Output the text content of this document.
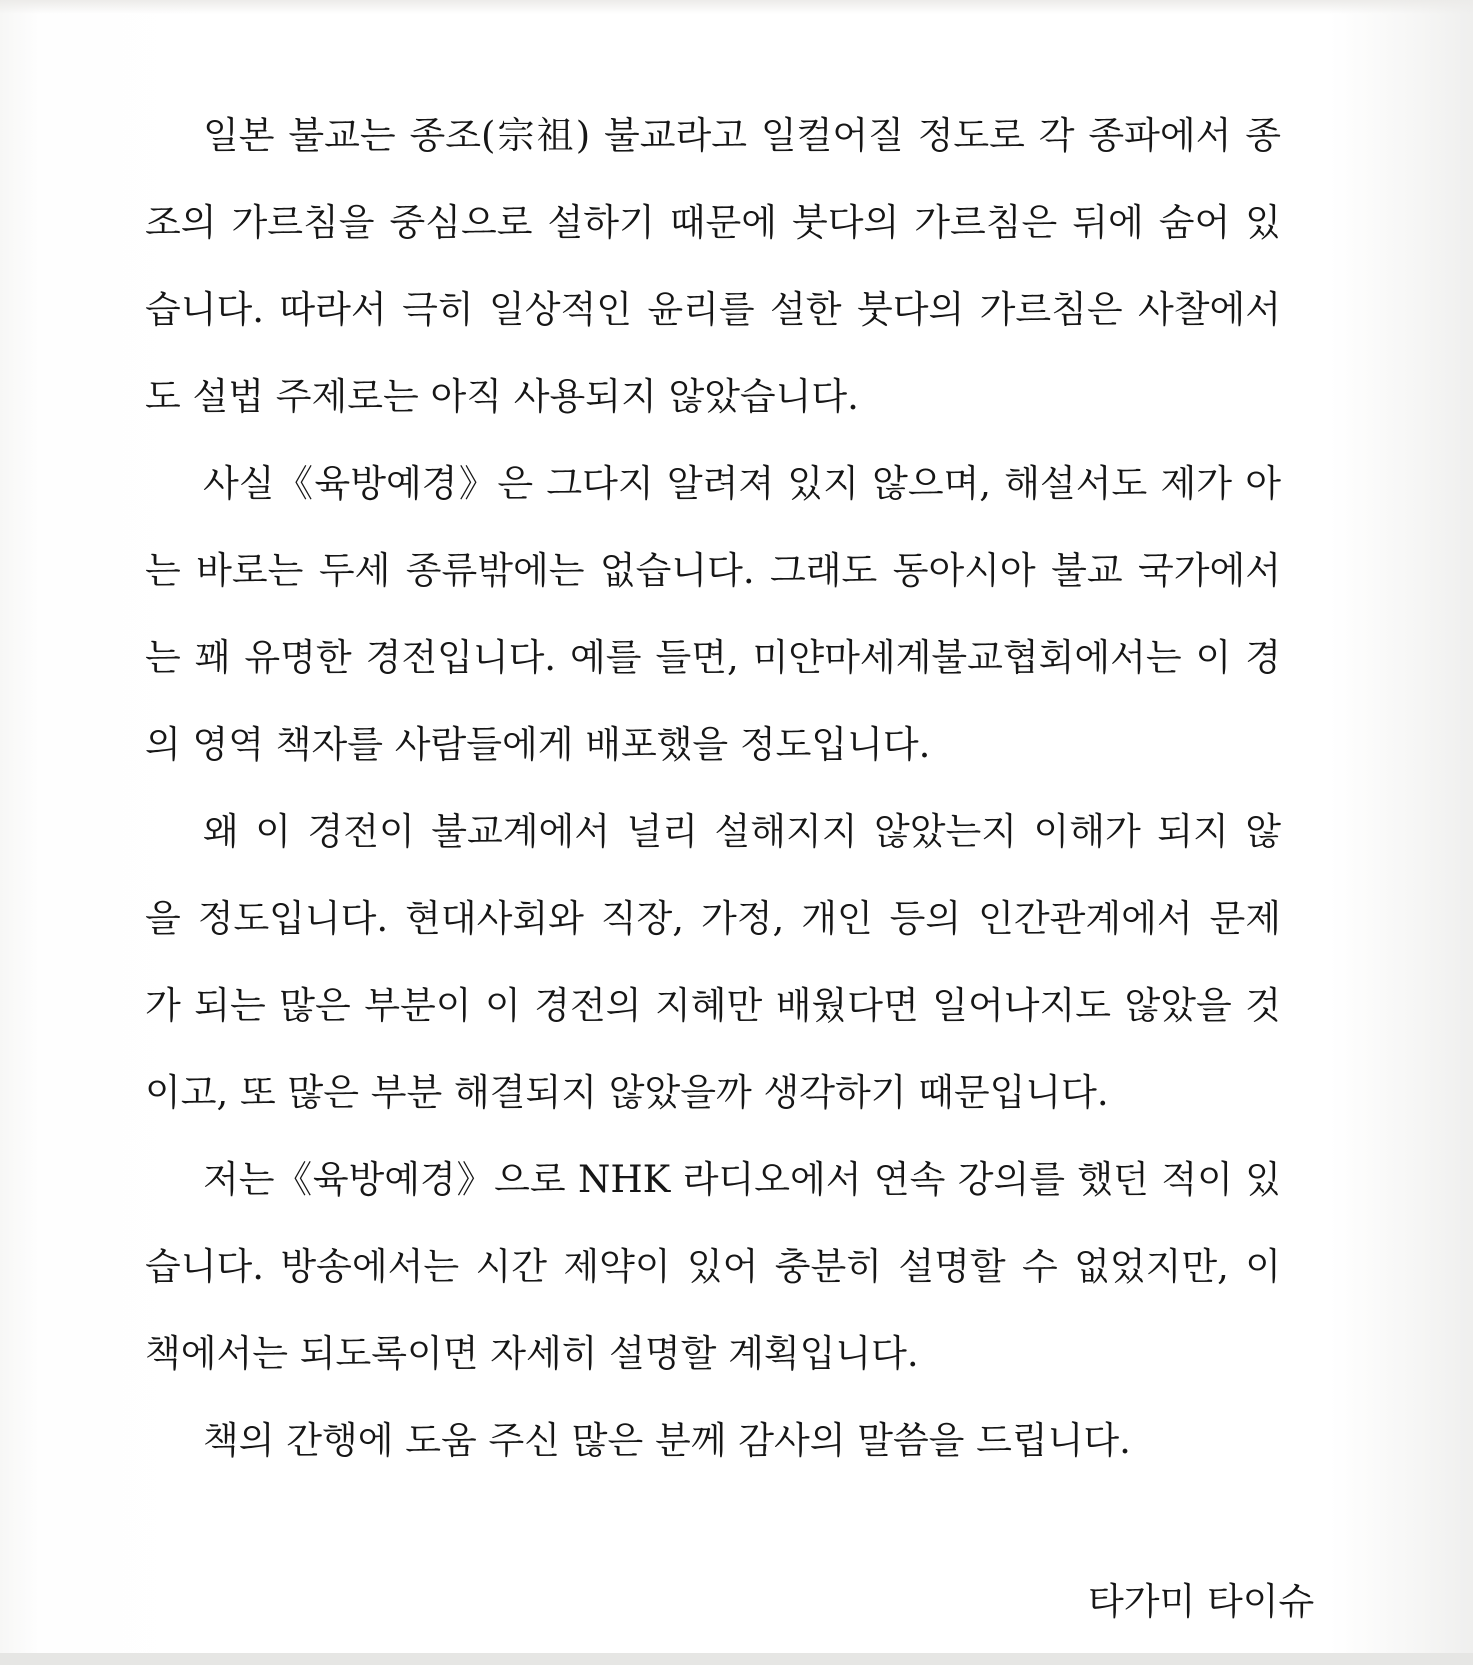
일본 불교는 종조(宗祖) 불교라고 일컬어질 정도로 각 종파에서 종
조의 가르침을 중심으로 설하기 때문에 붓다의 가르침은 뒤에 숨어 있
습니다. 따라서 극히 일상적인 윤리를 설한 붓다의 가르침은 사찰에서
도 설법 주제로는 아직 사용되지 않았습니다.
사실《육방예경》은 그다지 알려져 있지 않으며, 해설서도 제가 아
는 바로는 두세 종류밖에는 없습니다. 그래도 동아시아 불교 국가에서
는 꽤 유명한 경전입니다. 예를 들면, 미얀마세계불교협회에서는 이 경
의 영역 책자를 사람들에게 배포했을 정도입니다.
왜 이 경전이 불교계에서 널리 설해지지 않았는지 이해가 되지 않
을 정도입니다. 현대사회와 직장, 가정, 개인 등의 인간관계에서 문제
가 되는 많은 부분이 이 경전의 지혜만 배웠다면 일어나지도 않았을 것
이고, 또 많은 부분 해결되지 않았을까 생각하기 때문입니다.
저는《육방예경》으로 NHK 라디오에서 연속 강의를 했던 적이 있
습니다. 방송에서는 시간 제약이 있어 충분히 설명할 수 없었지만, 이
책에서는 되도록이면 자세히 설명할 계획입니다.
책의 간행에 도움 주신 많은 분께 감사의 말씀을 드립니다.
타가미 타이슈
